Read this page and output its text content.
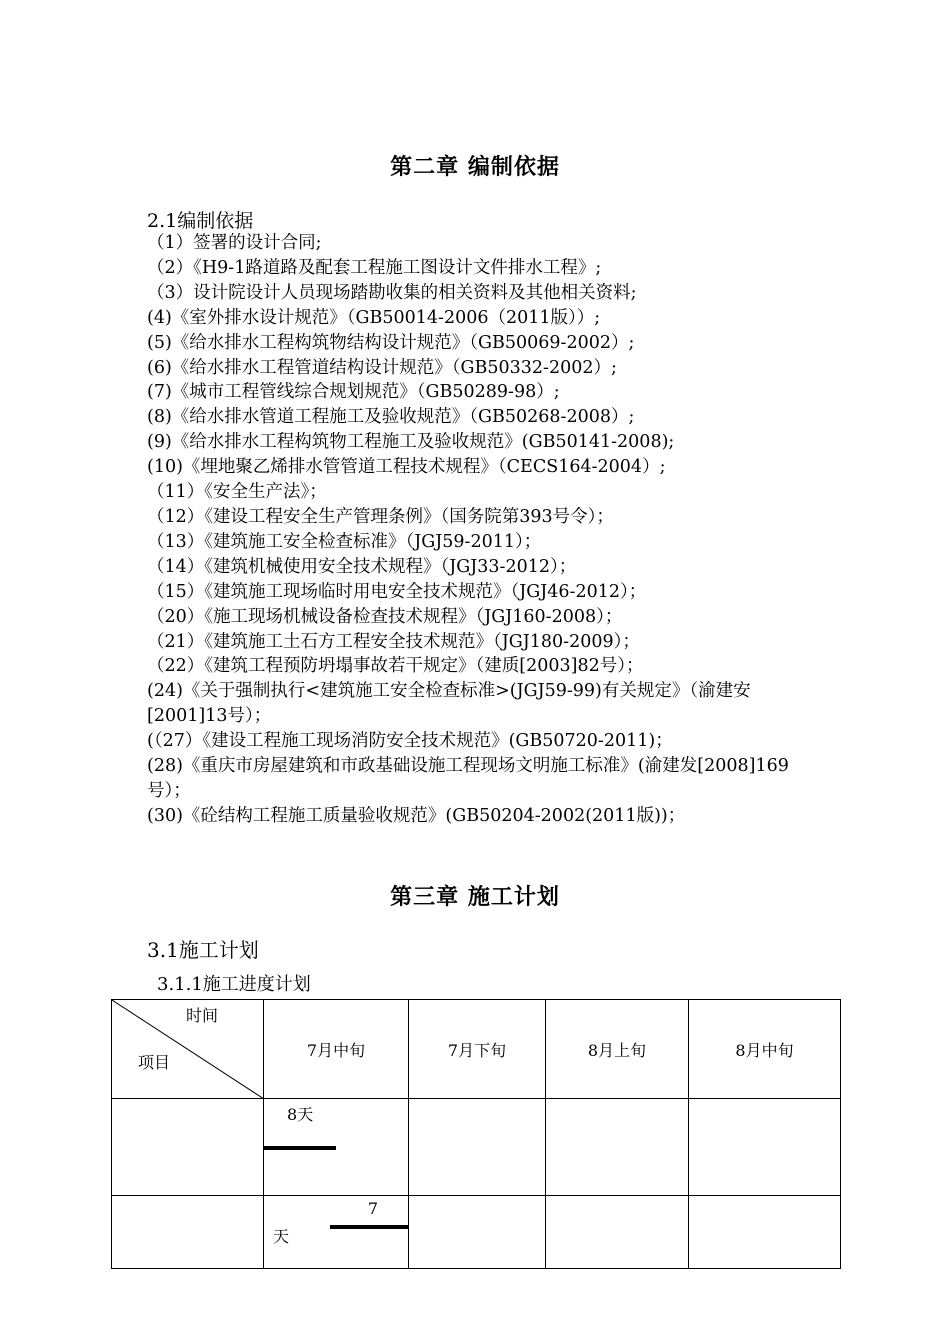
第二章 编制依据
2.1编制依据
（1）签署的设计合同;
（2）《H9-1路道路及配套工程施工图设计文件排水工程》;
（3）设计院设计人员现场踏勘收集的相关资料及其他相关资料;
(4)《室外排水设计规范》（GB50014-2006（2011版））;
(5)《给水排水工程构筑物结构设计规范》（GB50069-2002）;
(6)《给水排水工程管道结构设计规范》（GB50332-2002）;
(7)《城市工程管线综合规划规范》（GB50289-98）;
(8)《给水排水管道工程施工及验收规范》（GB50268-2008）;
(9)《给水排水工程构筑物工程施工及验收规范》(GB50141-2008);
(10)《埋地聚乙烯排水管管道工程技术规程》（CECS164-2004）;
（11）《安全生产法》；
（12）《建设工程安全生产管理条例》（国务院第393号令）；
（13）《建筑施工安全检查标准》（JGJ59-2011）；
（14）《建筑机械使用安全技术规程》（JGJ33-2012）；
（15）《建筑施工现场临时用电安全技术规范》（JGJ46-2012）；
（20）《施工现场机械设备检查技术规程》（JGJ160-2008）；
（21）《建筑施工土石方工程安全技术规范》（JGJ180-2009）；
（22）《建筑工程预防坍塌事故若干规定》（建质[2003]82号）；
(24)《关于强制执行<建筑施工安全检查标准>(JGJ59-99)有关规定》（渝建安[2001]13号）；
(（27）《建设工程施工现场消防安全技术规范》(GB50720-2011)；
(28)《重庆市房屋建筑和市政基础设施工程现场文明施工标准》(渝建发[2008]169号）；
(30)《砼结构工程施工质量验收规范》(GB50204-2002(2011版))；
第三章 施工计划
3.1施工计划
3.1.1施工进度计划
时间
项目	7月中旬	7月下旬	8月上旬	8月中旬

	8天			

	7
天			
